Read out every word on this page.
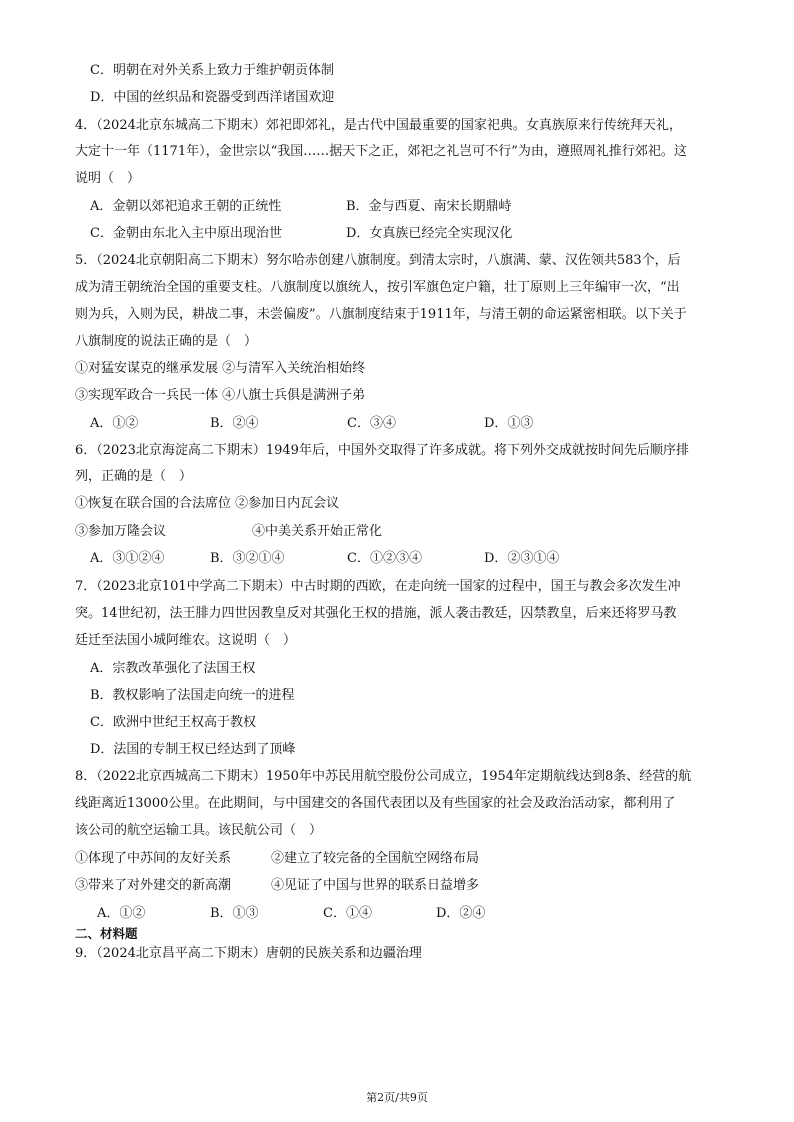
C．明朝在对外关系上致力于维护朝贡体制
D．中国的丝织品和瓷器受到西洋诸国欢迎
4．（2024北京东城高二下期末）郊祀即郊礼，是古代中国最重要的国家祀典。女真族原来行传统拜天礼，
大定十一年（1171年），金世宗以“我国……据天下之正，郊祀之礼岂可不行”为由，遵照周礼推行郊祀。这
说明（　）
A．金朝以郊祀追求王朝的正统性	B．金与西夏、南宋长期鼎峙
C．金朝由东北入主中原出现治世	D．女真族已经完全实现汉化
5．（2024北京朝阳高二下期末）努尔哈赤创建八旗制度。到清太宗时，八旗满、蒙、汉佐领共583个，后
成为清王朝统治全国的重要支柱。八旗制度以旗统人，按引军旗色定户籍，壮丁原则上三年编审一次，“出
则为兵，入则为民，耕战二事，未尝偏废”。八旗制度结束于1911年，与清王朝的命运紧密相联。以下关于
八旗制度的说法正确的是（　）
①对猛安谋克的继承发展 ②与清军入关统治相始终
③实现军政合一兵民一体 ④八旗士兵俱是满洲子弟
A．①②	B．②④	C．③④	D．①③
6．（2023北京海淀高二下期末）1949年后，中国外交取得了许多成就。将下列外交成就按时间先后顺序排
列，正确的是（　）
①恢复在联合国的合法席位 ②参加日内瓦会议
③参加万隆会议	④中美关系开始正常化
A．③①②④	B．③②①④	C．①②③④	D．②③①④
7．（2023北京101中学高二下期末）中古时期的西欧，在走向统一国家的过程中，国王与教会多次发生冲
突。14世纪初，法王腓力四世因教皇反对其强化王权的措施，派人袭击教廷，囚禁教皇，后来还将罗马教
廷迁至法国小城阿维农。这说明（　）
A．宗教改革强化了法国王权
B．教权影响了法国走向统一的进程
C．欧洲中世纪王权高于教权
D．法国的专制王权已经达到了顶峰
8．（2022北京西城高二下期末）1950年中苏民用航空股份公司成立，1954年定期航线达到8条、经营的航
线距离近13000公里。在此期间，与中国建交的各国代表团以及有些国家的社会及政治活动家，都利用了
该公司的航空运输工具。该民航公司（　）
①体现了中苏间的友好关系	②建立了较完备的全国航空网络布局
③带来了对外建交的新高潮	④见证了中国与世界的联系日益增多
A．①②	B．①③	C．①④	D．②④
二、材料题
9．（2024北京昌平高二下期末）唐朝的民族关系和边疆治理
第2页/共9页
